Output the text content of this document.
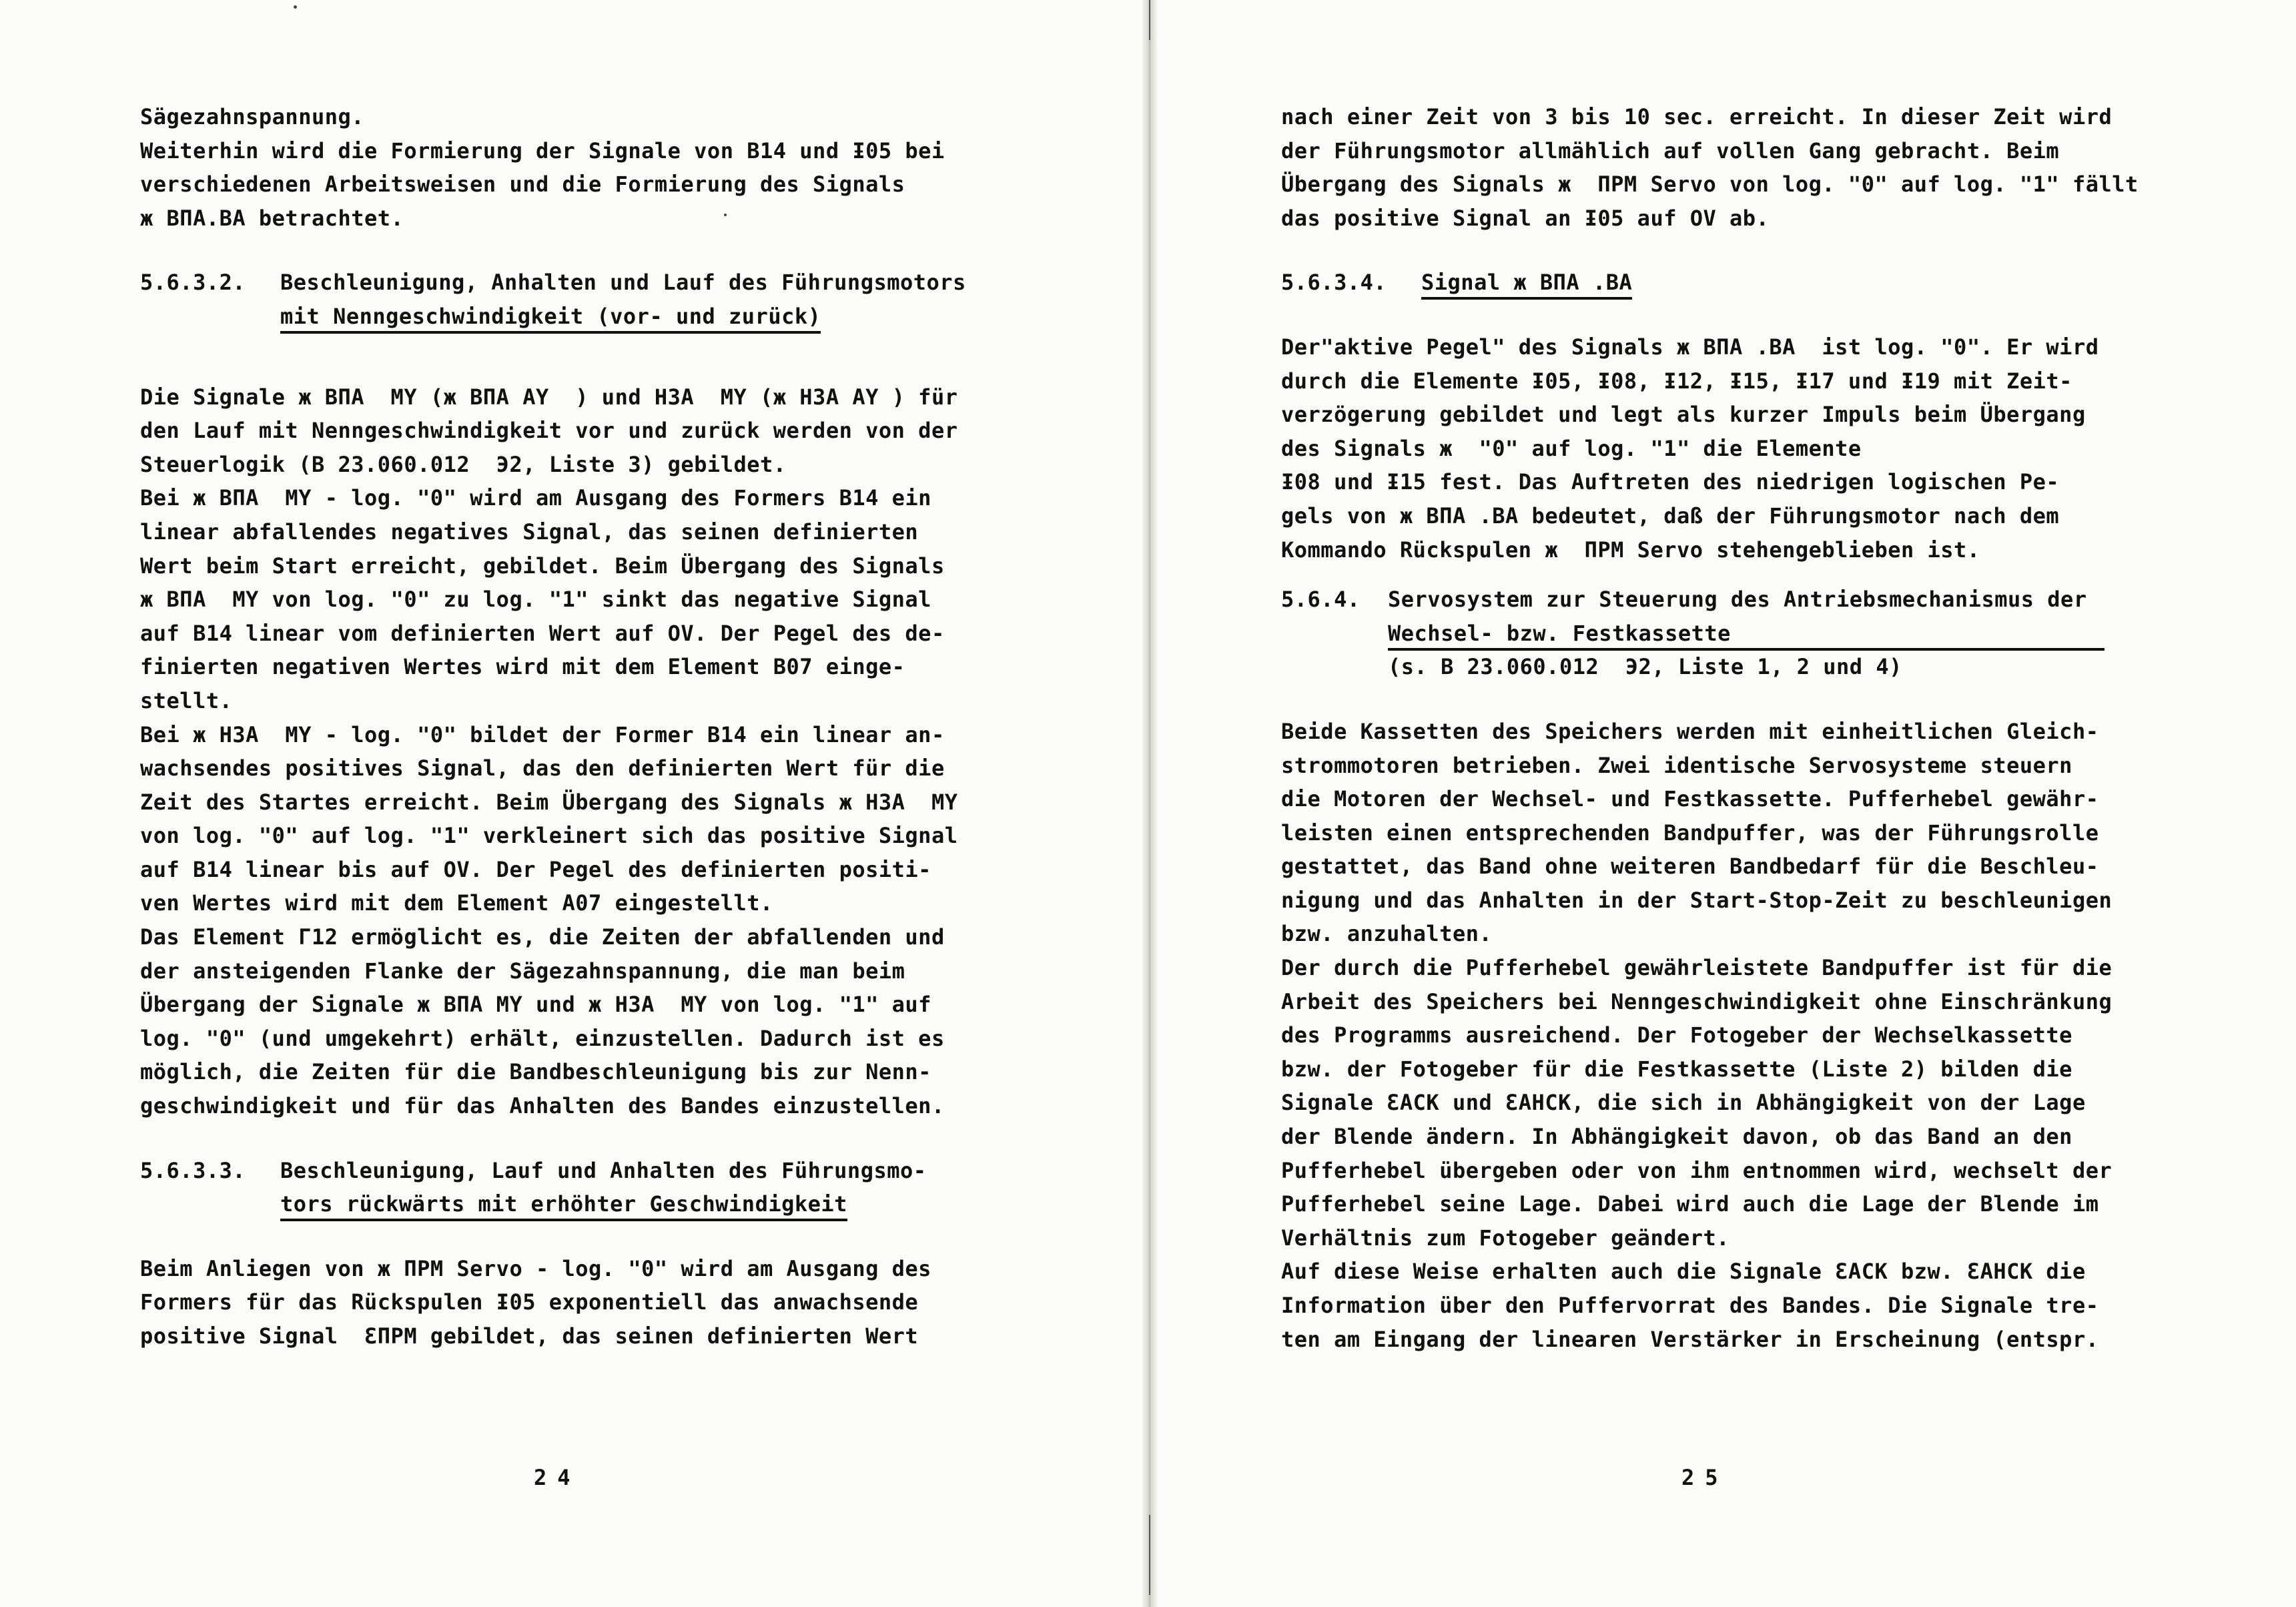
Sägezahnspannung.
Weiterhin wird die Formierung der Signale von B14 und Ɨ05 bei
verschiedenen Arbeitsweisen und die Formierung des Signals
ж ВΠА.ВА betrachtet.
5.6.3.2. Beschleunigung, Anhalten und Lauf des Führungsmotors
mit Nenngeschwindigkeit (vor- und zurück)
Die Signale ж ВΠА  MY (ж ВΠА AY  ) und H3A  MY (ж H3A AY ) für
den Lauf mit Nenngeschwindigkeit vor und zurück werden von der
Steuerlogik (B 23.060.012  Э2, Liste 3) gebildet.
Bei ж ВΠА  MY - log. "0" wird am Ausgang des Formers B14 ein
linear abfallendes negatives Signal, das seinen definierten
Wert beim Start erreicht, gebildet. Beim Übergang des Signals
ж ВΠА  MY von log. "0" zu log. "1" sinkt das negative Signal
auf B14 linear vom definierten Wert auf OV. Der Pegel des de-
finierten negativen Wertes wird mit dem Element B07 einge-
stellt.
Bei ж H3A  MY - log. "0" bildet der Former B14 ein linear an-
wachsendes positives Signal, das den definierten Wert für die
Zeit des Startes erreicht. Beim Übergang des Signals ж H3A  MY
von log. "0" auf log. "1" verkleinert sich das positive Signal
auf B14 linear bis auf OV. Der Pegel des definierten positi-
ven Wertes wird mit dem Element A07 eingestellt.
Das Element Г12 ermöglicht es, die Zeiten der abfallenden und
der ansteigenden Flanke der Sägezahnspannung, die man beim
Übergang der Signale ж ВΠА MY und ж H3A  MY von log. "1" auf
log. "0" (und umgekehrt) erhält, einzustellen. Dadurch ist es
möglich, die Zeiten für die Bandbeschleunigung bis zur Nenn-
geschwindigkeit und für das Anhalten des Bandes einzustellen.
5.6.3.3. Beschleunigung, Lauf und Anhalten des Führungsmo-
tors rückwärts mit erhöhter Geschwindigkeit
Beim Anliegen von ж ΠPM Servo - log. "0" wird am Ausgang des
Formers für das Rückspulen Ɨ05 exponentiell das anwachsende
positive Signal  ƐΠPM gebildet, das seinen definierten Wert
24
nach einer Zeit von 3 bis 10 sec. erreicht. In dieser Zeit wird
der Führungsmotor allmählich auf vollen Gang gebracht. Beim
Übergang des Signals ж  ΠPM Servo von log. "0" auf log. "1" fällt
das positive Signal an Ɨ05 auf OV ab.
5.6.3.4. Signal ж ВΠА .ВА
Der"aktive Pegel" des Signals ж ВΠА .ВА  ist log. "0". Er wird
durch die Elemente Ɨ05, Ɨ08, Ɨ12, Ɨ15, Ɨ17 und Ɨ19 mit Zeit-
verzögerung gebildet und legt als kurzer Impuls beim Übergang
des Signals ж  "0" auf log. "1" die Elemente
Ɨ08 und Ɨ15 fest. Das Auftreten des niedrigen logischen Pe-
gels von ж ВΠА .ВА bedeutet, daß der Führungsmotor nach dem
Kommando Rückspulen ж  ΠPM Servo stehengeblieben ist.
5.6.4. Servosystem zur Steuerung des Antriebsmechanismus der
Wechsel- bzw. Festkassette
(s. B 23.060.012  Э2, Liste 1, 2 und 4)
Beide Kassetten des Speichers werden mit einheitlichen Gleich-
strommotoren betrieben. Zwei identische Servosysteme steuern
die Motoren der Wechsel- und Festkassette. Pufferhebel gewähr-
leisten einen entsprechenden Bandpuffer, was der Führungsrolle
gestattet, das Band ohne weiteren Bandbedarf für die Beschleu-
nigung und das Anhalten in der Start-Stop-Zeit zu beschleunigen
bzw. anzuhalten.
Der durch die Pufferhebel gewährleistete Bandpuffer ist für die
Arbeit des Speichers bei Nenngeschwindigkeit ohne Einschränkung
des Programms ausreichend. Der Fotogeber der Wechselkassette
bzw. der Fotogeber für die Festkassette (Liste 2) bilden die
Signale ƐACK und ƐAHCK, die sich in Abhängigkeit von der Lage
der Blende ändern. In Abhängigkeit davon, ob das Band an den
Pufferhebel übergeben oder von ihm entnommen wird, wechselt der
Pufferhebel seine Lage. Dabei wird auch die Lage der Blende im
Verhältnis zum Fotogeber geändert.
Auf diese Weise erhalten auch die Signale ƐACK bzw. ƐAHCK die
Information über den Puffervorrat des Bandes. Die Signale tre-
ten am Eingang der linearen Verstärker in Erscheinung (entspr.
25
